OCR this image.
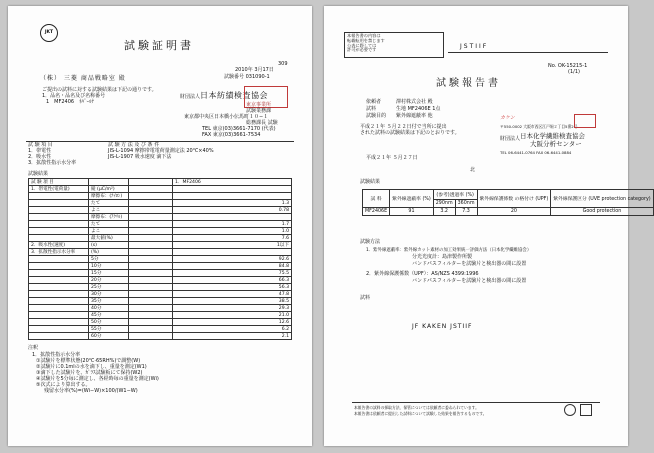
JKT
試験証明書
309
2010年 3月17日
試験番号 031090-1
（株） 三菱 商品戦略室 殿
ご提出の試料に対する試験結果は下記の通りです。
1．品名・品名及び名称番号
1　MF2406　ﾈﾊﾟｰﾙﾅ
財団法人 日本紡績検査協会
東京事業所
試験業務課
東京都中央区日本橋小伝馬町１０−１
総務課長 試験
TEL 東京(03)3661-7170 (代表)
FAX 東京(03)3661-7534
試 験 項 目	試 験 方 法 及 び 条 件
1．帯電性	JIS-L-1094 摩擦帯電電荷量測定法 20℃×40%
2．吸水性	JIS-L-1907 吸水速度 滴下法
3．拡散性指示水分率
試験結果
試 験 項 目			1．MF2406
1．帯電性(電荷量)	縦 (μC/m²)		
	摩擦布：(ﾅｲﾛﾝ)		
	たて		1.3
	よこ		0.78
	摩擦布：(ｱｸﾘﾙ)		
	たて		1.7
	よこ		1.0
	最大値(%)		7.6
2．吸水性(速度)	(s)		1以下
3．拡散性指示水分率	(%)		
	5分		92.6
	10分		84.8
	15分		75.5
	20分		66.3
	25分		56.3
	30分		47.8
	35分		38.5
	40分		29.3
	45分		21.0
	50分		12.6
	55分		6.2
	60分		2.1
注釈
1．拡散性指示水分率
①試験片を標準状態(20℃·65RH%)で調整(W)
②試験片に0.1mlの水を滴下し、重量を測定(W1)
③滴下した試験片を、ｶﾞﾗｽ試験板にて保持(W2)
④試験片を5分毎に測定し、各経時毎の重量を測定(Wi)
⑤次式により算出する。
残留水分率(%)=(Wi−W)×100/(W1−W)
本報告書の内容は
転載転用を禁じます
公表に際しては
許可が必要です	JSTIIF
No. OK-15215-1
(1/1)
試験報告書
依頼者	澤村株式会社 殿
試料	生地 MF2406E 1点
試験目的 紫外線遮蔽率 他
平成２１年 ５月２２日付で当所に提出
された試料の試験結果は下記のとおりです。
カケン
〒550-0002 大阪市西区江戸堀２丁目5番2号
財団法人 日本化学繊維検査協会
大阪分析センター
TEL 06-6441-0764 FAX 06-6441-0884
平成２１年 ５月２７日
北
試験結果
試 料	紫外線遮蔽率 (%)	(参考)透過率 (%)		紫外線保護係数 の格付け (UPF)	紫外線保護区分 (UVE protection category)
		290nm	360nm		
MF2406E	91	3.2	7.3	20	Good protection
試験方法
1．紫外線遮蔽率：紫外線カット素材の加工効果統一評価方法（日本化学繊維協会）
分光光度計：島津製作所製
バンドパスフィルターを試験片と検出器の間に設置
2．紫外線保護係数（UPF）：AS/NZS 4399:1996
バンドパスフィルターを試験片と検出器の間に設置
試料
JF KAKEN JSTIIF
本報告書の試料の採取方法、保管については依頼者に委ねられています。
本報告書は依頼者に提出した試料について試験した結果を報告するものです。
